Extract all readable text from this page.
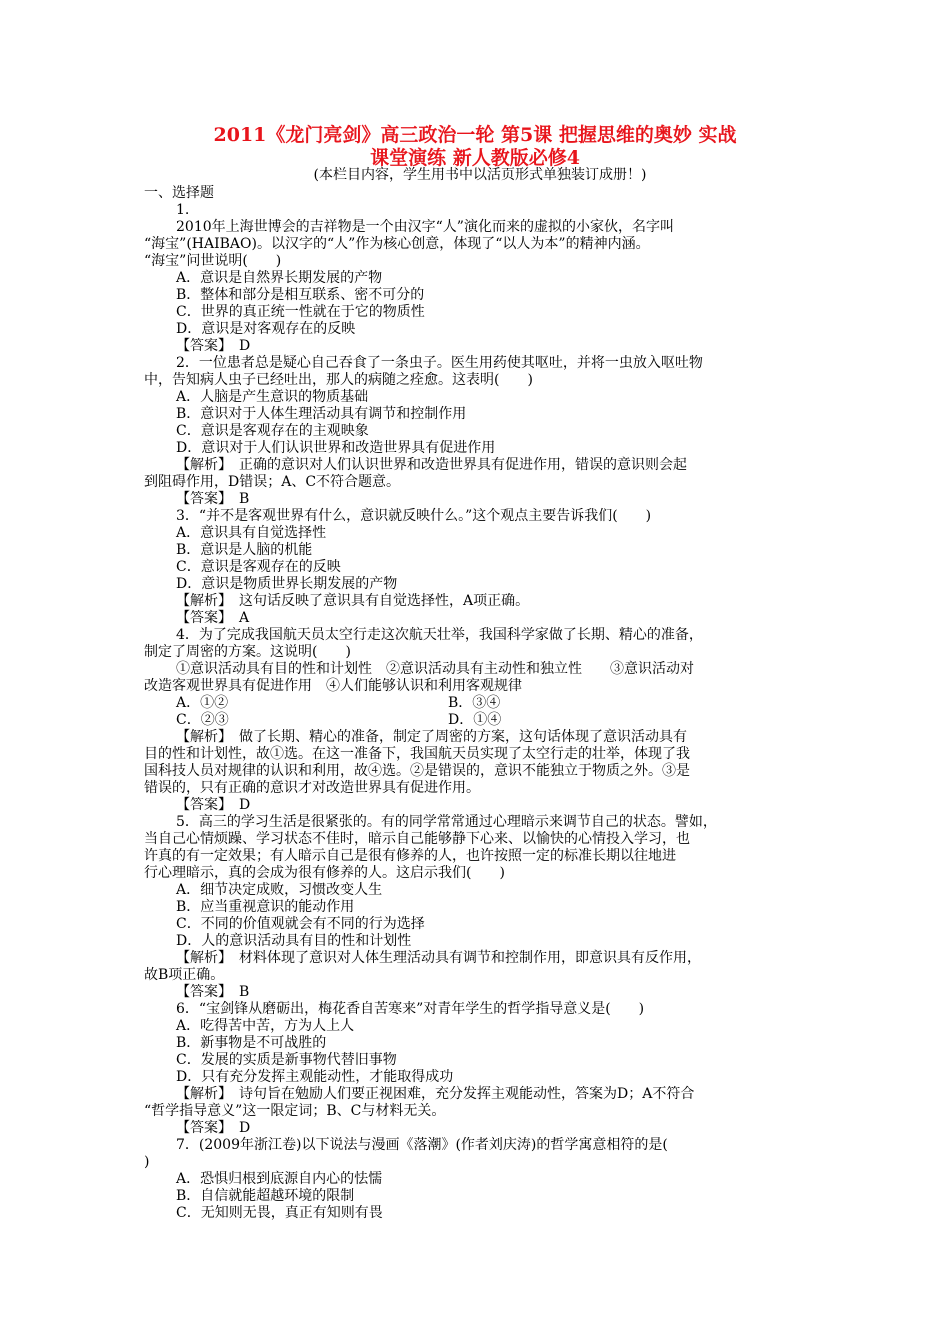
2011《龙门亮剑》高三政治一轮 第5课 把握思维的奥妙 实战
课堂演练 新人教版必修4
(本栏目内容，学生用书中以活页形式单独装订成册！)
一、选择题
1.
2010年上海世博会的吉祥物是一个由汉字“人”演化而来的虚拟的小家伙，名字叫
“海宝”(HAIBAO)。以汉字的“人”作为核心创意，体现了“以人为本”的精神内涵。
“海宝”问世说明(　　)
A．意识是自然界长期发展的产物
B．整体和部分是相互联系、密不可分的
C．世界的真正统一性就在于它的物质性
D．意识是对客观存在的反映
【答案】　D
2．一位患者总是疑心自己吞食了一条虫子。医生用药使其呕吐，并将一虫放入呕吐物
中，告知病人虫子已经吐出，那人的病随之痊愈。这表明(　　)
A．人脑是产生意识的物质基础
B．意识对于人体生理活动具有调节和控制作用
C．意识是客观存在的主观映象
D．意识对于人们认识世界和改造世界具有促进作用
【解析】　正确的意识对人们认识世界和改造世界具有促进作用，错误的意识则会起
到阻碍作用，D错误；A、C不符合题意。
【答案】　B
3．“并不是客观世界有什么，意识就反映什么。”这个观点主要告诉我们(　　)
A．意识具有自觉选择性
B．意识是人脑的机能
C．意识是客观存在的反映
D．意识是物质世界长期发展的产物
【解析】　这句话反映了意识具有自觉选择性，A项正确。
【答案】　A
4．为了完成我国航天员太空行走这次航天壮举，我国科学家做了长期、精心的准备，
制定了周密的方案。这说明(　　)
①意识活动具有目的性和计划性　②意识活动具有主动性和独立性　　③意识活动对
改造客观世界具有促进作用　④人们能够认识和利用客观规律
A．①②	B．③④
C．②③	D．①④
【解析】　做了长期、精心的准备，制定了周密的方案，这句话体现了意识活动具有
目的性和计划性，故①选。在这一准备下，我国航天员实现了太空行走的壮举，体现了我
国科技人员对规律的认识和利用，故④选。②是错误的，意识不能独立于物质之外。③是
错误的，只有正确的意识才对改造世界具有促进作用。
【答案】　D
5．高三的学习生活是很紧张的。有的同学常常通过心理暗示来调节自己的状态。譬如，
当自己心情烦躁、学习状态不佳时，暗示自己能够静下心来、以愉快的心情投入学习，也
许真的有一定效果；有人暗示自己是很有修养的人，也许按照一定的标准长期以往地进
行心理暗示，真的会成为很有修养的人。这启示我们(　　)
A．细节决定成败，习惯改变人生
B．应当重视意识的能动作用
C．不同的价值观就会有不同的行为选择
D．人的意识活动具有目的性和计划性
【解析】　材料体现了意识对人体生理活动具有调节和控制作用，即意识具有反作用，
故B项正确。
【答案】　B
6．“宝剑锋从磨砺出，梅花香自苦寒来”对青年学生的哲学指导意义是(　　)
A．吃得苦中苦，方为人上人
B．新事物是不可战胜的
C．发展的实质是新事物代替旧事物
D．只有充分发挥主观能动性，才能取得成功
【解析】　诗句旨在勉励人们要正视困难，充分发挥主观能动性，答案为D；A不符合
“哲学指导意义”这一限定词；B、C与材料无关。
【答案】　D
7．(2009年浙江卷)以下说法与漫画《落潮》(作者刘庆涛)的哲学寓意相符的是(
)
A．恐惧归根到底源自内心的怯懦
B．自信就能超越环境的限制
C．无知则无畏，真正有知则有畏
